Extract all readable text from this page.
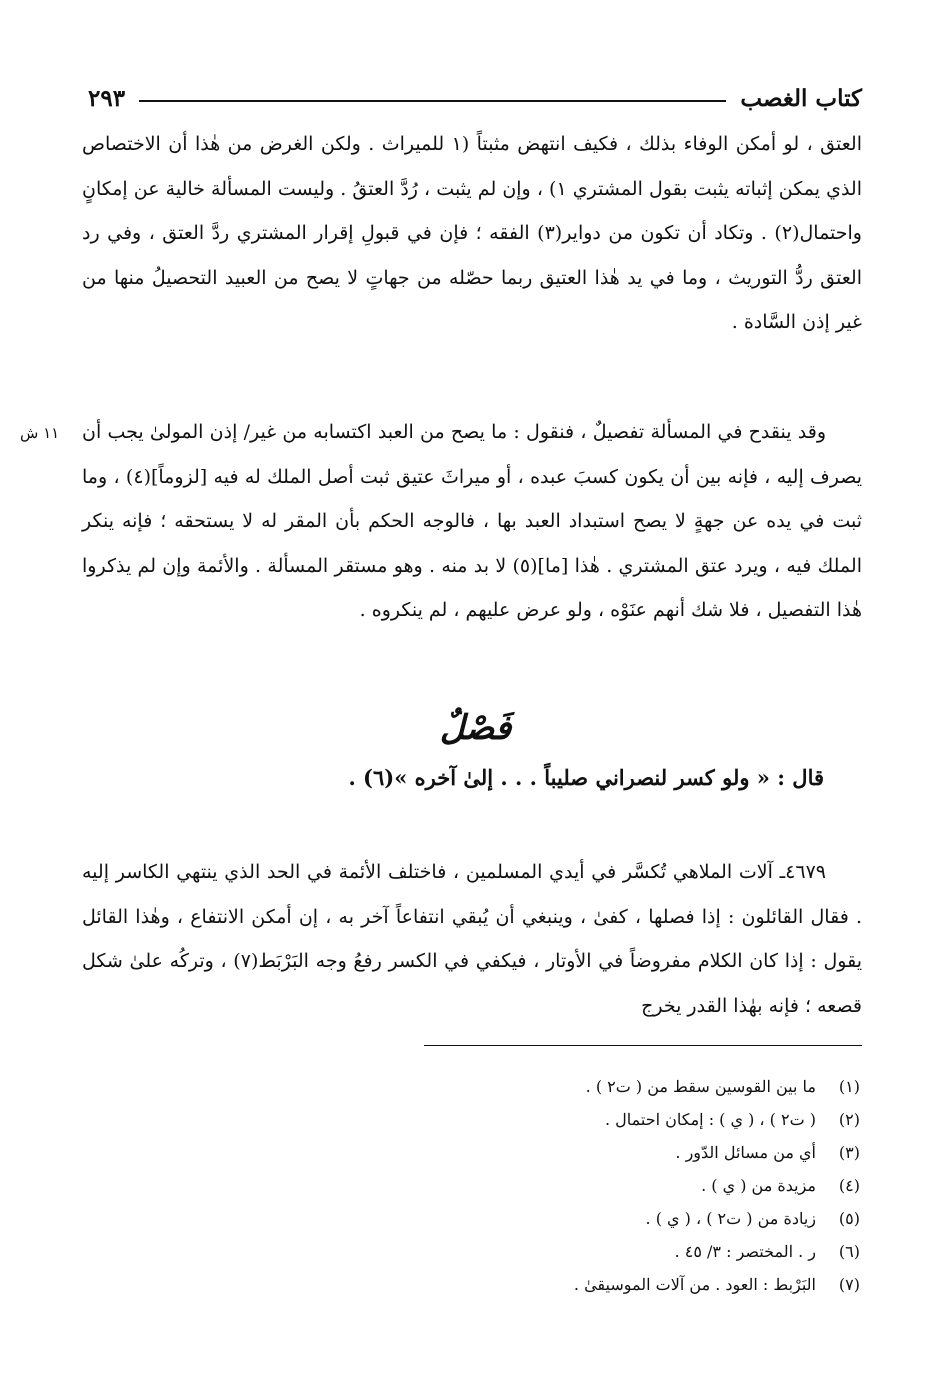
كتاب الغصب
٢٩٣
١١ ش

العتق ، لو أمكن الوفاء بذلك ، فكيف انتهض مثبتاً (١ للميراث . ولكن الغرض من هٰذا أن الاختصاص الذي يمكن إثباته يثبت بقول المشتري ١) ، وإن لم يثبت ، رُدَّ العتقُ . وليست المسألة خالية عن إمكانٍ واحتمال(٢) . وتكاد أن تكون من دواير(٣) الفقه ؛ فإن في قبولِ إقرار المشتري ردَّ العتق ، وفي رد العتق ردُّ التوريث ، وما في يد هٰذا العتيق ربما حصّله من جهاتٍ لا يصح من العبيد التحصيلُ منها من غير إذن السَّادة .

وقد ينقدح في المسألة تفصيلٌ ، فنقول : ما يصح من العبد اكتسابه من غير/ إذن المولىٰ يجب أن يصرف إليه ، فإنه بين أن يكون كسبَ عبده ، أو ميراثَ عتيق ثبت أصل الملك له فيه [لزوماً](٤) ، وما ثبت في يده عن جهةٍ لا يصح استبداد العبد بها ، فالوجه الحكم بأن المقر له لا يستحقه ؛ فإنه ينكر الملك فيه ، ويرد عتق المشتري . هٰذا [ما](٥) لا بد منه . وهو مستقر المسألة . والأئمة وإن لم يذكروا هٰذا التفصيل ، فلا شك أنهم عنَوْه ، ولو عرض عليهم ، لم ينكروه .

فَصْلٌ
قال : « ولو كسر لنصراني صليباً . . . إلىٰ آخره »(٦) .

٤٦٧٩ـ آلات الملاهي تُكسَّر في أيدي المسلمين ، فاختلف الأئمة في الحد الذي ينتهي الكاسر إليه . فقال القائلون : إذا فصلها ، كفىٰ ، وينبغي أن يُبقي انتفاعاً آخر به ، إن أمكن الانتفاع ، وهٰذا القائل يقول : إذا كان الكلام مفروضاً في الأوتار ، فيكفي في الكسر رفعُ وجه البَرْبَط(٧) ، وتركُه علىٰ شكل قصعه ؛ فإنه بهٰذا القدر يخرج

(١)
ما بين القوسين سقط من ( ت٢ ) .
(٢)
( ت٢ ) ، ( ي ) : إمكان احتمال .
(٣)
أي من مسائل الدّور .
(٤)
مزيدة من ( ي ) .
(٥)
زيادة من ( ت٢ ) ، ( ي ) .
(٦)
ر . المختصر : ٣/ ٤٥ .
(٧)
البَرْبط : العود . من آلات الموسيقىٰ .
